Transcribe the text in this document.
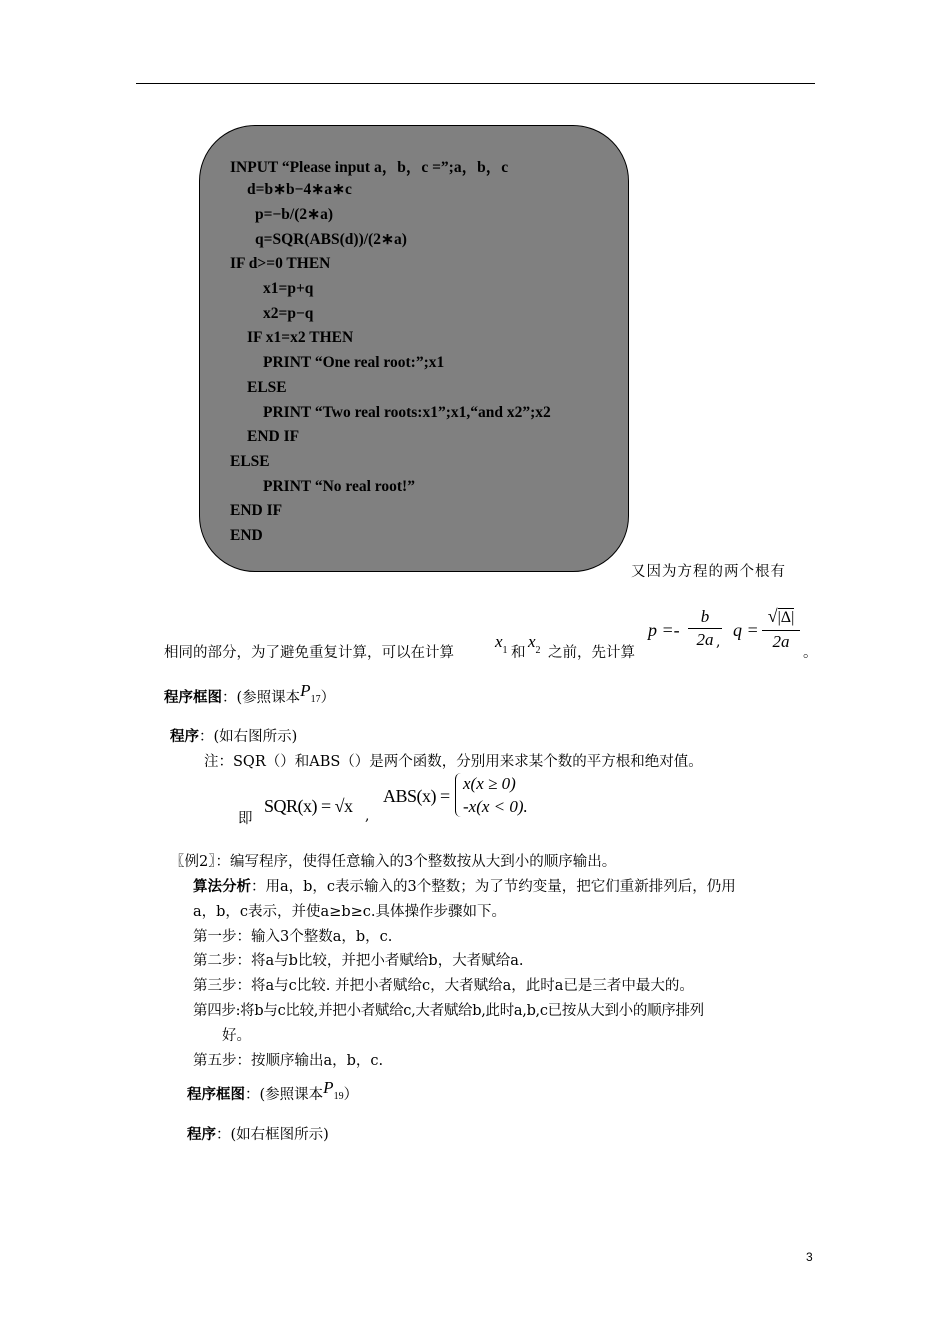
INPUT “Please input a，b，c =”;a，b，c
d=b∗b−4∗a∗c
p=−b/(2∗a)
q=SQR(ABS(d))/(2∗a)
IF d>=0 THEN
x1=p+q
x2=p−q
IF x1=x2 THEN
PRINT “One real root:”;x1
ELSE
PRINT “Two real roots:x1”;x1,“and x2”;x2
END IF
ELSE
PRINT “No real root!”
END IF
END
又因为方程的两个根有
相同的部分，为了避免重复计算，可以在计算
$x_1$ 和
$x_2$ 之前，先计算
$p =- \frac{b}{2a}$
,
$q = \frac{√|\Delta|}{2a}$ 。
程序框图：(参照课本P17）
程序：(如右图所示)
注：SQR（）和ABS（）是两个函数，分别用来求某个数的平方根和绝对值。
即
SQR(x) = √x ,
ABS(x) =
x(x ≥ 0)
-x(x < 0).
〖例2〗：编写程序，使得任意输入的3个整数按从大到小的顺序输出。
算法分析：用a，b，c表示输入的3个整数；为了节约变量，把它们重新排列后，仍用
a，b，c表示，并使a≥b≥c.具体操作步骤如下。
第一步：输入3个整数a，b，c.
第二步：将a与b比较，并把小者赋给b，大者赋给a.
第三步：将a与c比较. 并把小者赋给c，大者赋给a，此时a已是三者中最大的。
第四步:将b与c比较,并把小者赋给c,大者赋给b,此时a,b,c已按从大到小的顺序排列
好。
第五步：按顺序输出a，b，c.
程序框图：(参照课本P19）
程序：(如右框图所示)
3
